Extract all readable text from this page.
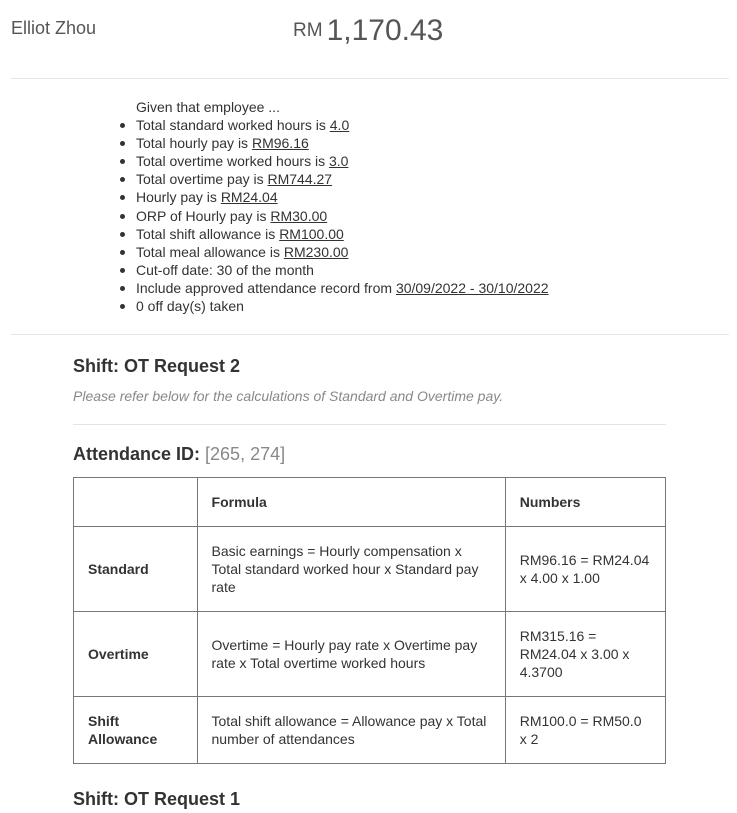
Elliot Zhou	RM 1,170.43

Given that employee ...

Total standard worked hours is 4.0
Total hourly pay is RM96.16
Total overtime worked hours is 3.0
Total overtime pay is RM744.27
Hourly pay is RM24.04
ORP of Hourly pay is RM30.00
Total shift allowance is RM100.00
Total meal allowance is RM230.00
Cut-off date: 30 of the month
Include approved attendance record from 30/09/2022 - 30/10/2022
0 off day(s) taken
Shift: OT Request 2
Please refer below for the calculations of Standard and Overtime pay.
Attendance ID: [265, 274]
	Formula	Numbers
Standard	Basic earnings = Hourly compensation x Total standard worked hour x Standard pay rate	RM96.16 = RM24.04 x 4.00 x 1.00
Overtime	Overtime = Hourly pay rate x Overtime pay rate x Total overtime worked hours	RM315.16 = RM24.04 x 3.00 x 4.3700
Shift Allowance	Total shift allowance = Allowance pay x Total number of attendances	RM100.0 = RM50.0 x 2
Shift: OT Request 1
